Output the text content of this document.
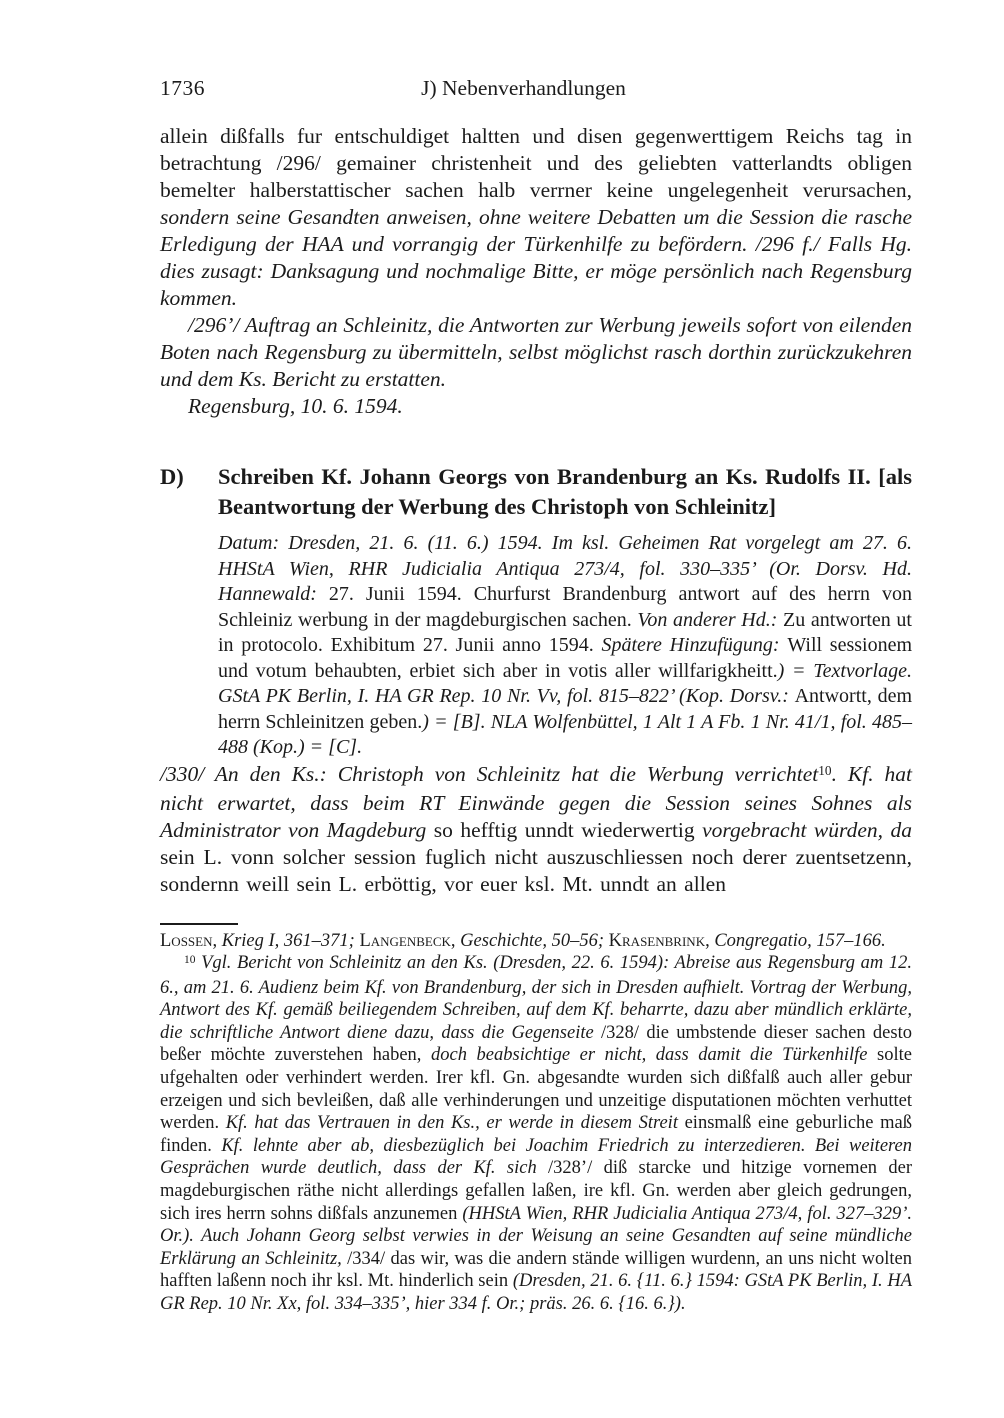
1736	J) Nebenverhandlungen

allein dißfalls fur entschuldiget haltten und disen gegenwerttigem Reichs tag in betrachtung /296/ gemainer christenheit und des geliebten vatterlandts obligen bemelter halberstattischer sachen halb verrner keine ungelegenheit verursachen, sondern seine Gesandten anweisen, ohne weitere Debatten um die Session die rasche Erledigung der HAA und vorrangig der Türkenhilfe zu befördern. /296 f./ Falls Hg. dies zusagt: Danksagung und nochmalige Bitte, er möge persönlich nach Regensburg kommen.

/296’/ Auftrag an Schleinitz, die Antworten zur Werbung jeweils sofort von eilenden Boten nach Regensburg zu übermitteln, selbst möglichst rasch dorthin zurückzukehren und dem Ks. Bericht zu erstatten.

Regensburg, 10. 6. 1594.

D) Schreiben Kf. Johann Georgs von Brandenburg an Ks. Rudolfs II. [als Beantwortung der Werbung des Christoph von Schleinitz]

Datum: Dresden, 21. 6. (11. 6.) 1594. Im ksl. Geheimen Rat vorgelegt am 27. 6. HHStA Wien, RHR Judicialia Antiqua 273/4, fol. 330–335’ (Or. Dorsv. Hd. Hannewald: 27. Junii 1594. Churfurst Brandenburg antwort auf des herrn von Schleiniz werbung in der magdeburgischen sachen. Von anderer Hd.: Zu antworten ut in protocolo. Exhibitum 27. Junii anno 1594. Spätere Hinzufügung: Will sessionem und votum behaubten, erbiet sich aber in votis aller willfarigkheitt.) = Textvorlage. GStA PK Berlin, I. HA GR Rep. 10 Nr. Vv, fol. 815–822’ (Kop. Dorsv.: Antwortt, dem herrn Schleinitzen geben.) = [B]. NLA Wolfenbüttel, 1 Alt 1 A Fb. 1 Nr. 41/1, fol. 485–488 (Kop.) = [C].

/330/ An den Ks.: Christoph von Schleinitz hat die Werbung verrichtet$^{10}$. Kf. hat nicht erwartet, dass beim RT Einwände gegen die Session seines Sohnes als Administrator von Magdeburg so hefftig unndt wiederwertig vorgebracht würden, da sein L. vonn solcher session fuglich nicht auszuschliessen noch derer zuentsetzenn, sondernn weill sein L. erböttig, vor euer ksl. Mt. unndt an allen

Lossen, Krieg I, 361–371; Langenbeck, Geschichte, 50–56; Krasenbrink, Congregatio, 157–166.

$^{10}$ Vgl. Bericht von Schleinitz an den Ks. (Dresden, 22. 6. 1594): Abreise aus Regensburg am 12. 6., am 21. 6. Audienz beim Kf. von Brandenburg, der sich in Dresden aufhielt. Vortrag der Werbung, Antwort des Kf. gemäß beiliegendem Schreiben, auf dem Kf. beharrte, dazu aber mündlich erklärte, die schriftliche Antwort diene dazu, dass die Gegenseite /328/ die umbstende dieser sachen desto beßer möchte zuverstehen haben, doch beabsichtige er nicht, dass damit die Türkenhilfe solte ufgehalten oder verhindert werden. Irer kfl. Gn. abgesandte wurden sich dißfalß auch aller gebur erzeigen und sich bevleißen, daß alle verhinderungen und unzeitige disputationen möchten verhuttet werden. Kf. hat das Vertrauen in den Ks., er werde in diesem Streit einsmalß eine geburliche maß finden. Kf. lehnte aber ab, diesbezüglich bei Joachim Friedrich zu interzedieren. Bei weiteren Gesprächen wurde deutlich, dass der Kf. sich /328’/ diß starcke und hitzige vornemen der magdeburgischen räthe nicht allerdings gefallen laßen, ire kfl. Gn. werden aber gleich gedrungen, sich ires herrn sohns dißfals anzunemen (HHStA Wien, RHR Judicialia Antiqua 273/4, fol. 327–329’. Or.). Auch Johann Georg selbst verwies in der Weisung an seine Gesandten auf seine mündliche Erklärung an Schleinitz, /334/ das wir, was die andern stände willigen wurdenn, an uns nicht wolten hafften laßenn noch ihr ksl. Mt. hinderlich sein (Dresden, 21. 6. {11. 6.} 1594: GStA PK Berlin, I. HA GR Rep. 10 Nr. Xx, fol. 334–335’, hier 334 f. Or.; präs. 26. 6. {16. 6.}).
